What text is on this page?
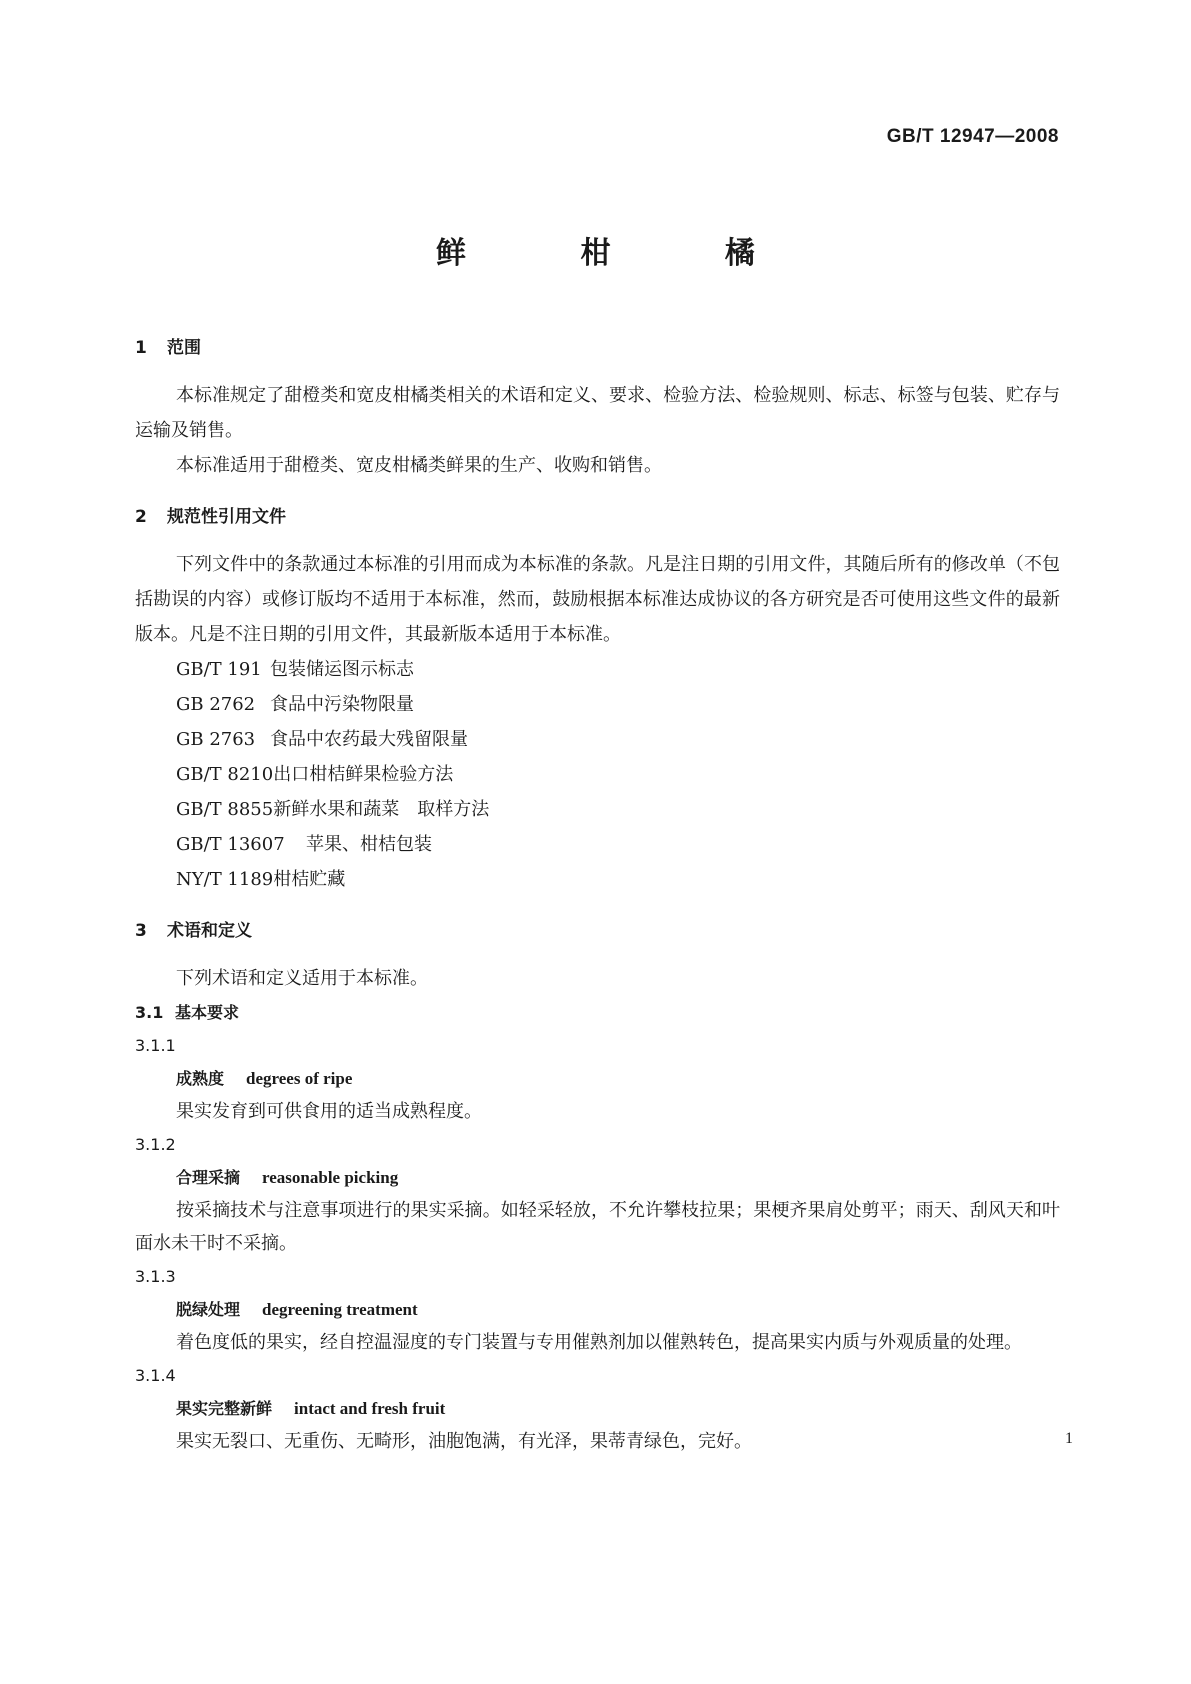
GB/T 12947—2008
鲜 柑 橘
1 范围

本标准规定了甜橙类和宽皮柑橘类相关的术语和定义、要求、检验方法、检验规则、标志、标签与包装、贮存与运输及销售。

本标准适用于甜橙类、宽皮柑橘类鲜果的生产、收购和销售。

2 规范性引用文件

下列文件中的条款通过本标准的引用而成为本标准的条款。凡是注日期的引用文件，其随后所有的修改单（不包括勘误的内容）或修订版均不适用于本标准，然而，鼓励根据本标准达成协议的各方研究是否可使用这些文件的最新版本。凡是不注日期的引用文件，其最新版本适用于本标准。

GB/T 191 包装储运图示标志

GB 2762 食品中污染物限量

GB 2763 食品中农药最大残留限量

GB/T 8210出口柑桔鲜果检验方法

GB/T 8855新鲜水果和蔬菜　取样方法

GB/T 13607 苹果、柑桔包装

NY/T 1189柑桔贮藏

3 术语和定义

下列术语和定义适用于本标准。

3.1 基本要求
3.1.1

成熟度 degrees of ripe

果实发育到可供食用的适当成熟程度。

3.1.2

合理采摘 reasonable picking

按采摘技术与注意事项进行的果实采摘。如轻采轻放，不允许攀枝拉果；果梗齐果肩处剪平；雨天、刮风天和叶面水未干时不采摘。

3.1.3

脱绿处理 degreening treatment

着色度低的果实，经自控温湿度的专门装置与专用催熟剂加以催熟转色，提高果实内质与外观质量的处理。

3.1.4

果实完整新鲜 intact and fresh fruit

果实无裂口、无重伤、无畸形，油胞饱满，有光泽，果蒂青绿色，完好。	1
